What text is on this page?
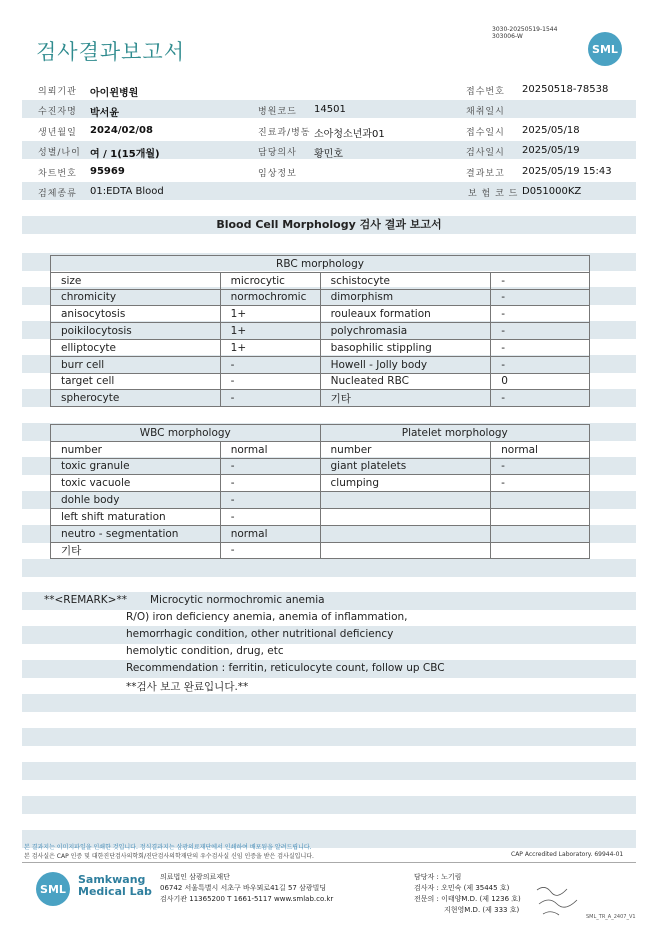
검사결과보고서
3030-20250519-1544
303006-W
SML
의뢰기관 아이윈병원	접수번호 20250518-78538
수진자명 박서윤	병원코드 14501	채취일시
생년월일 2024/02/08	진료과/병동 소아청소년과01	접수일시 2025/05/18
성별/나이 여 / 1(15개월)	담당의사 황민호	검사일시 2025/05/19
차트번호 95969	임상정보	결과보고 2025/05/19 15:43
검체종류 01:EDTA Blood	보 험 코 드 D051000KZ
Blood Cell Morphology 검사 결과 보고서
RBC morphology			
size	microcytic	schistocyte	-
chromicity	normochromic	dimorphism	-
anisocytosis	1+	rouleaux formation	-
poikilocytosis	1+	polychromasia	-
elliptocyte	1+	basophilic stippling	-
burr cell	-	Howell - Jolly body	-
target cell	-	Nucleated RBC	0
spherocyte	-	기타	-
WBC morphology		Platelet morphology	
number	normal	number	normal
toxic granule	-	giant platelets	-
toxic vacuole	-	clumping	-
dohle body	-		
left shift maturation	-		
neutro - segmentation	normal		
기타	-		
**<REMARK>** Microcytic normochromic anemia
R/O) iron deficiency anemia, anemia of inflammation,
hemorrhagic condition, other nutritional deficiency
hemolytic condition, drug, etc
Recommendation : ferritin, reticulocyte count, follow up CBC
**검사 보고 완료입니다.**
본 결과지는 이미지파일을 인쇄한 것입니다. 정식결과지는 삼광의료재단에서 인쇄하여 배포됨을 알려드립니다.
본 검사실은 CAP 인증 및 대한진단검사의학회/진단검사의학재단의 우수검사실 신임 인증을 받은 검사실입니다.	CAP Accredited Laboratory. 69944-01
SML
Samkwang
Medical Lab
의료법인 삼광의료재단
06742 서울특별시 서초구 바우뫼로41길 57 삼광빌딩
검사기관 11365200 T 1661-5117 www.smlab.co.kr
담당자 : 노기림
검사자 : 오민숙 (제 35445 호)
전문의 : 이태양M.D. (제 1236 호)
지현영M.D. (제 333 호)
SML_TR_A_2407_V1
